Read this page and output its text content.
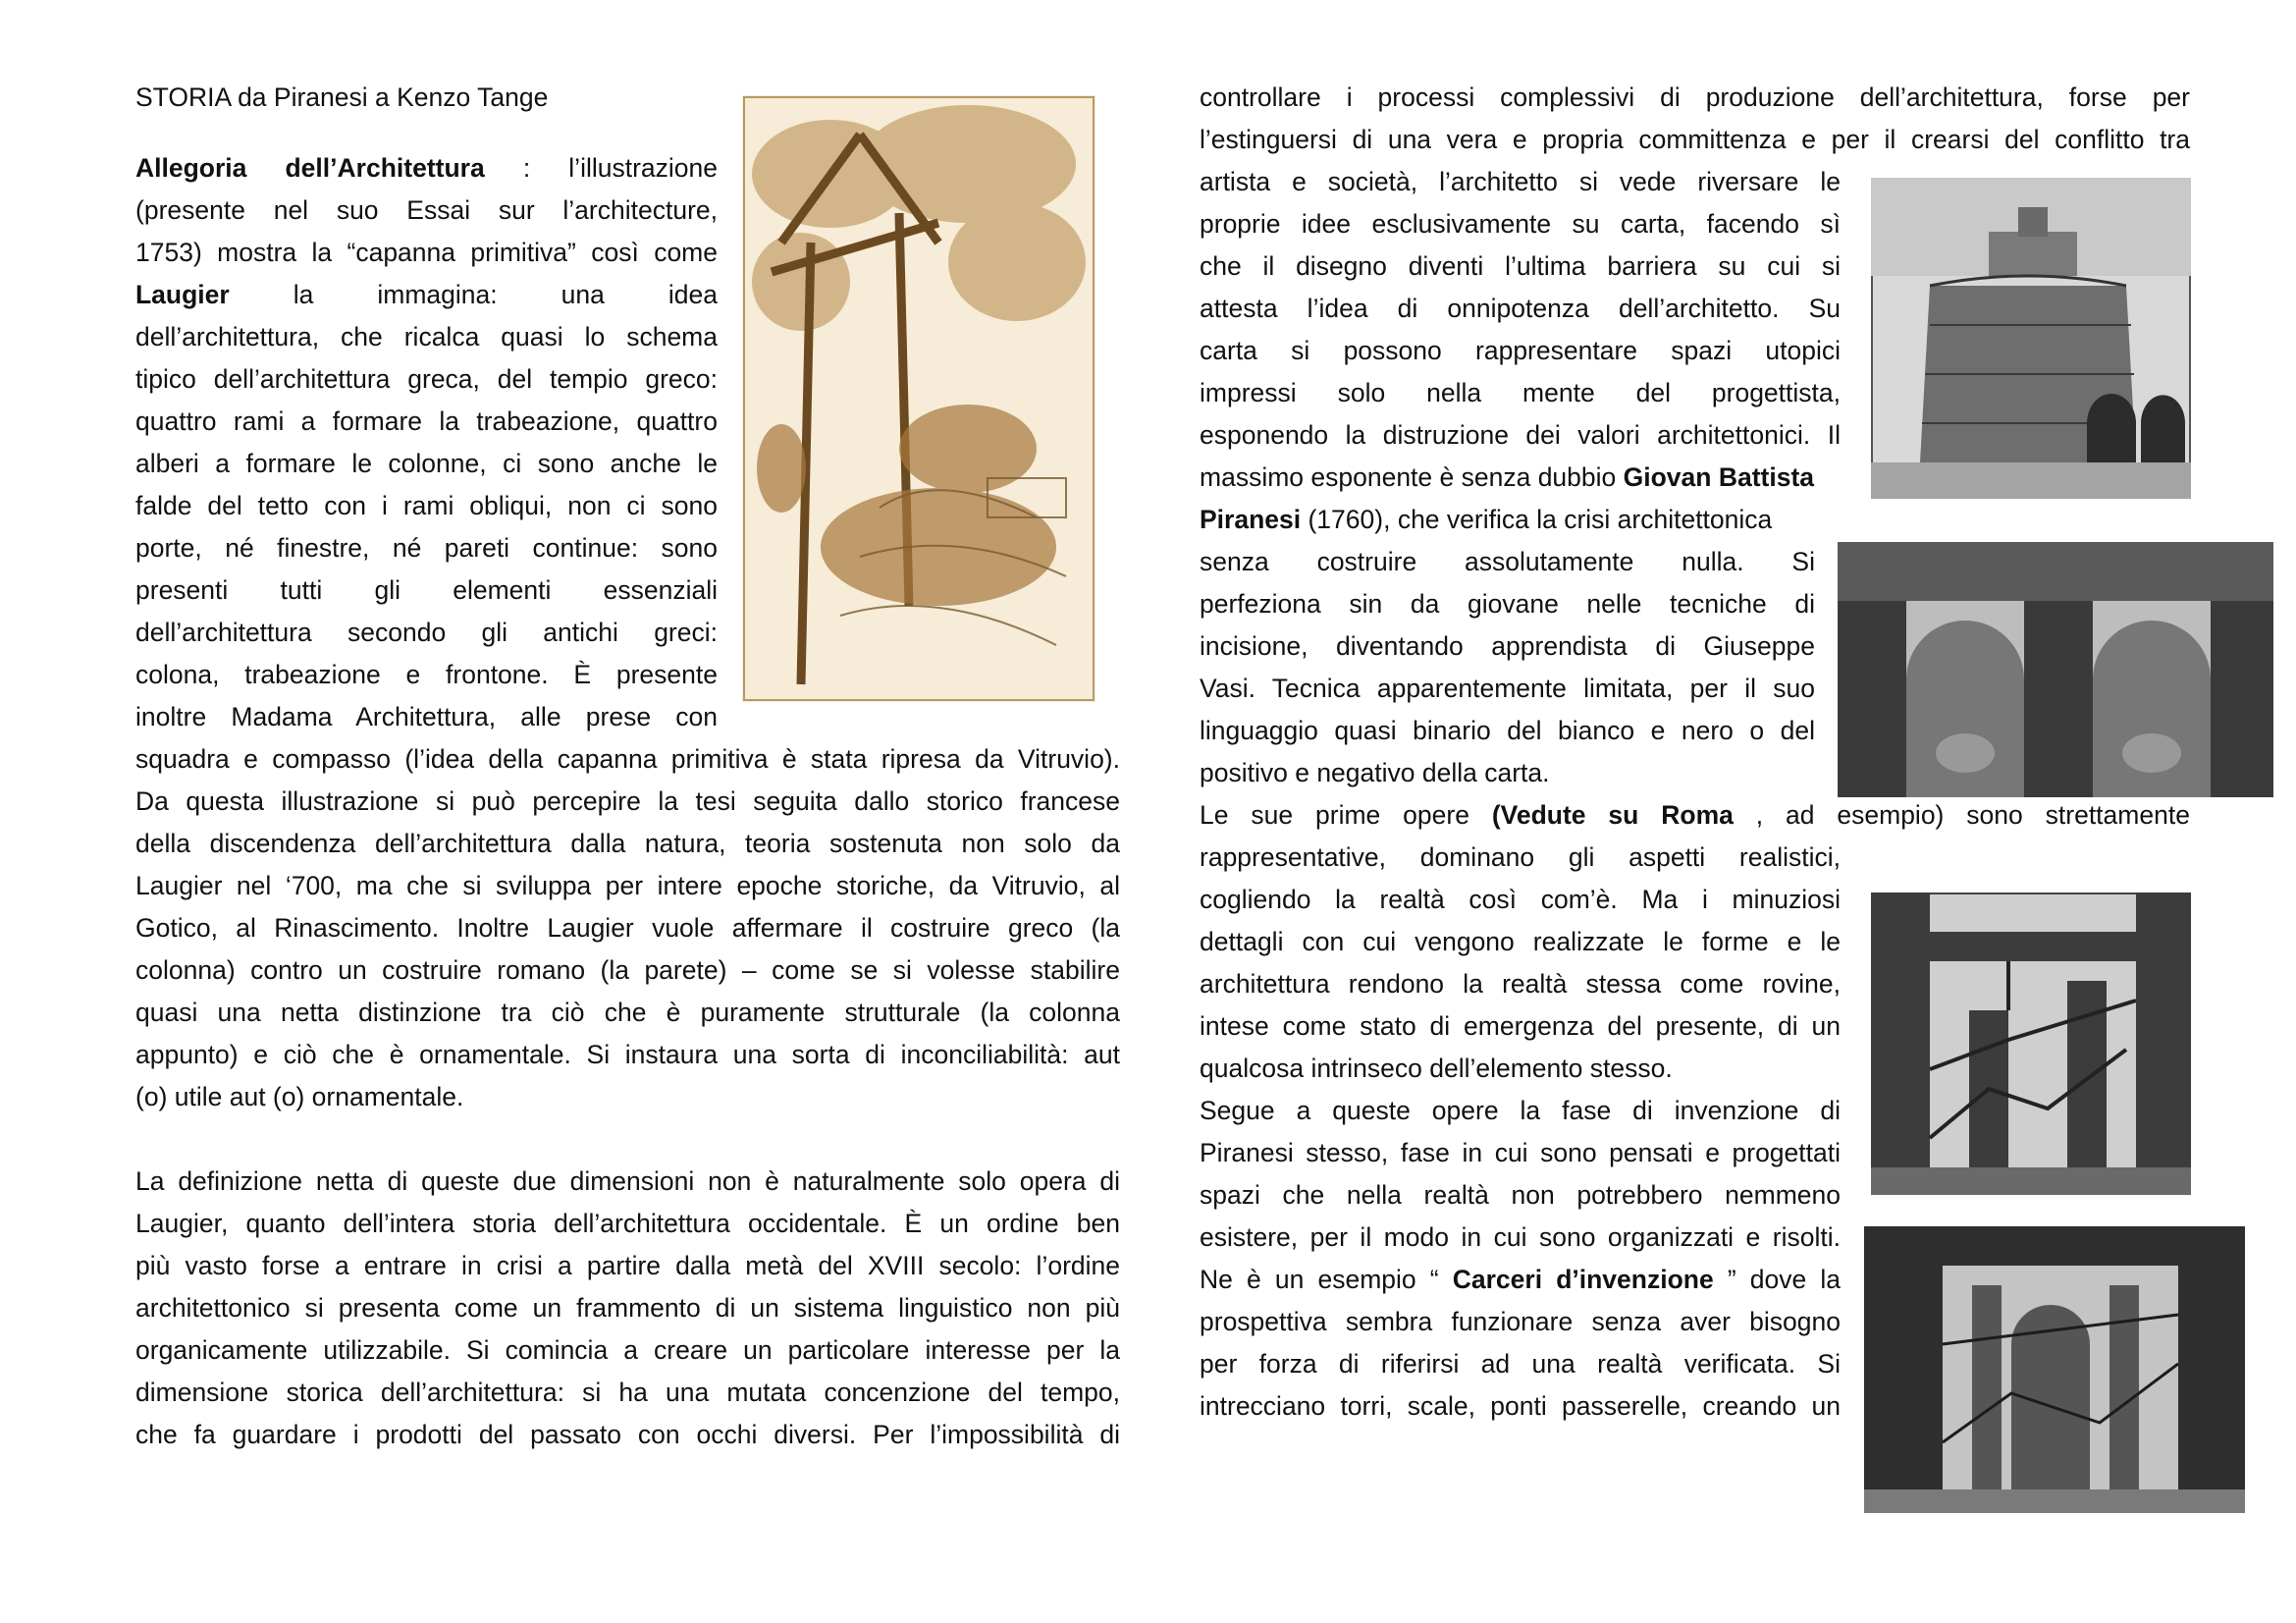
STORIA da Piranesi a Kenzo Tange
Allegoria dell’Architettura : l’illustrazione
(presente nel suo Essai sur l’architecture,
1753) mostra la “capanna primitiva” così come
Laugier la immagina: una idea
dell’architettura, che ricalca quasi lo schema
tipico dell’architettura greca, del tempio greco:
quattro rami a formare la trabeazione, quattro
alberi a formare le colonne, ci sono anche le
falde del tetto con i rami obliqui, non ci sono
porte, né finestre, né pareti continue: sono
presenti tutti gli elementi essenziali
dell’architettura secondo gli antichi greci:
colona, trabeazione e frontone. È presente
inoltre Madama Architettura, alle prese con
squadra e compasso (l’idea della capanna primitiva è stata ripresa da Vitruvio).
Da questa illustrazione si può percepire la tesi seguita dallo storico francese
della discendenza dell’architettura dalla natura, teoria sostenuta non solo da
Laugier nel ‘700, ma che si sviluppa per intere epoche storiche, da Vitruvio, al
Gotico, al Rinascimento. Inoltre Laugier vuole affermare il costruire greco (la
colonna) contro un costruire romano (la parete) – come se si volesse stabilire
quasi una netta distinzione tra ciò che è puramente strutturale (la colonna
appunto) e ciò che è ornamentale. Si instaura una sorta di inconciliabilità: aut
(o) utile aut (o) ornamentale.
La definizione netta di queste due dimensioni non è naturalmente solo opera di
Laugier, quanto dell’intera storia dell’architettura occidentale. È un ordine ben
più vasto forse a entrare in crisi a partire dalla metà del XVIII secolo: l’ordine
architettonico si presenta come un frammento di un sistema linguistico non più
organicamente utilizzabile. Si comincia a creare un particolare interesse per la
dimensione storica dell’architettura: si ha una mutata concenzione del tempo,
che fa guardare i prodotti del passato con occhi diversi. Per l’impossibilità di
controllare i processi complessivi di produzione dell’architettura, forse per
l’estinguersi di una vera e propria committenza e per il crearsi del conflitto tra
artista e società, l’architetto si vede riversare le
proprie idee esclusivamente su carta, facendo sì
che il disegno diventi l’ultima barriera su cui si
attesta l’idea di onnipotenza dell’architetto. Su
carta si possono rappresentare spazi utopici
impressi solo nella mente del progettista,
esponendo la distruzione dei valori architettonici. Il
massimo esponente è senza dubbio Giovan Battista
Piranesi (1760), che verifica la crisi architettonica
senza costruire assolutamente nulla. Si
perfeziona sin da giovane nelle tecniche di
incisione, diventando apprendista di Giuseppe
Vasi. Tecnica apparentemente limitata, per il suo
linguaggio quasi binario del bianco e nero o del
positivo e negativo della carta.
Le sue prime opere (Vedute su Roma , ad esempio) sono strettamente
rappresentative, dominano gli aspetti realistici,
cogliendo la realtà così com’è. Ma i minuziosi
dettagli con cui vengono realizzate le forme e le
architettura rendono la realtà stessa come rovine,
intese come stato di emergenza del presente, di un
qualcosa intrinseco dell’elemento stesso.
Segue a queste opere la fase di invenzione di
Piranesi stesso, fase in cui sono pensati e progettati
spazi che nella realtà non potrebbero nemmeno
esistere, per il modo in cui sono organizzati e risolti.
Ne è un esempio “ Carceri d’invenzione ” dove la
prospettiva sembra funzionare senza aver bisogno
per forza di riferirsi ad una realtà verificata. Si
intrecciano torri, scale, ponti passerelle, creando un
